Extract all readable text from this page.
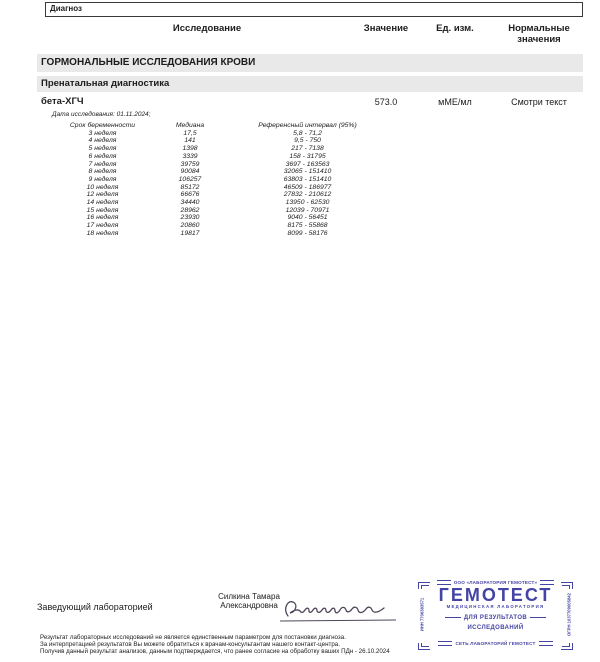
Диагноз
Исследование	Значение	Ед. изм.	Нормальные значения
ГОРМОНАЛЬНЫЕ ИССЛЕДОВАНИЯ КРОВИ
Пренатальная диагностика
бета-ХГЧ	573.0	мМЕ/мл	Смотри текст
Дата исследования: 01.11.2024;
Срок беременности	Медиана	Референсный интервал (95%)
3 неделя	17,5	5,8 - 71,2
4 неделя	141	9,5 - 750
5 неделя	1398	217 - 7138
6 неделя	3339	158 - 31795
7 неделя	39759	3697 - 163563
8 неделя	90084	32065 - 151410
9 неделя	106257	63803 - 151410
10 неделя	85172	46509 - 186977
12 неделя	66676	27832 - 210612
14 неделя	34440	13950 - 62530
15 неделя	28962	12039 - 70971
16 неделя	23930	9040 - 56451
17 неделя	20860	8175 - 55868
18 неделя	19817	8099 - 58176
Заведующий лабораторией
Силкина Тамара
Александровна
Результат лабораторных исследований не является единственным параметром для постановки диагноза.
За интерпретацией результатов Вы можете обратиться к врачам-консультантам нашего контакт-центра.
Получив данный результат анализов, данным подтверждается, что ранее согласие на обработку ваших ПДн - 26.10.2024
ООО «ЛАБОРАТОРИЯ ГЕМОТЕСТ»
ГЕМОТЕСТ
МЕДИЦИНСКАЯ ЛАБОРАТОРИЯ
ДЛЯ РЕЗУЛЬТАТОВ
ИССЛЕДОВАНИЙ
СЕТЬ ЛАБОРАТОРИЙ ГЕМОТЕСТ
ИНН 7706383571	ОГРН 1037709005842
